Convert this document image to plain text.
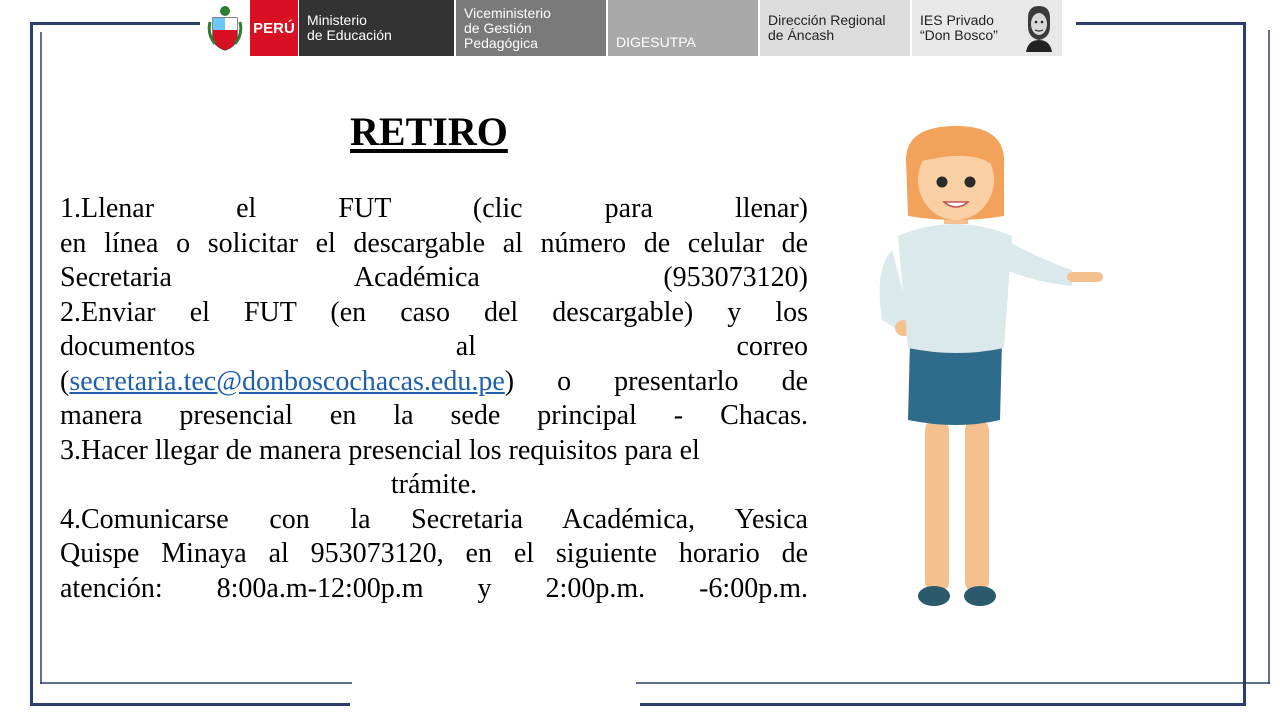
PERÚ Ministerio
de Educación
Viceministerio
de Gestión Pedagógica	DIGESUTPA
Dirección Regional
de Áncash
IES Privado
“Don Bosco”
RETIRO

1.Llenar el FUT (clic para llenar)

en línea o solicitar el descargable al número de celular de

Secretaria Académica (953073120)

2.Enviar el FUT (en caso del descargable) y los

documentos al correo

(secretaria.tec@donboscochacas.edu.pe) o presentarlo de

manera presencial en la sede principal - Chacas.

3.Hacer llegar de manera presencial los requisitos para el

trámite.

4.Comunicarse con la Secretaria Académica, Yesica

Quispe Minaya al 953073120, en el siguiente horario de

atención: 8:00a.m-12:00p.m y 2:00p.m. -6:00p.m.
